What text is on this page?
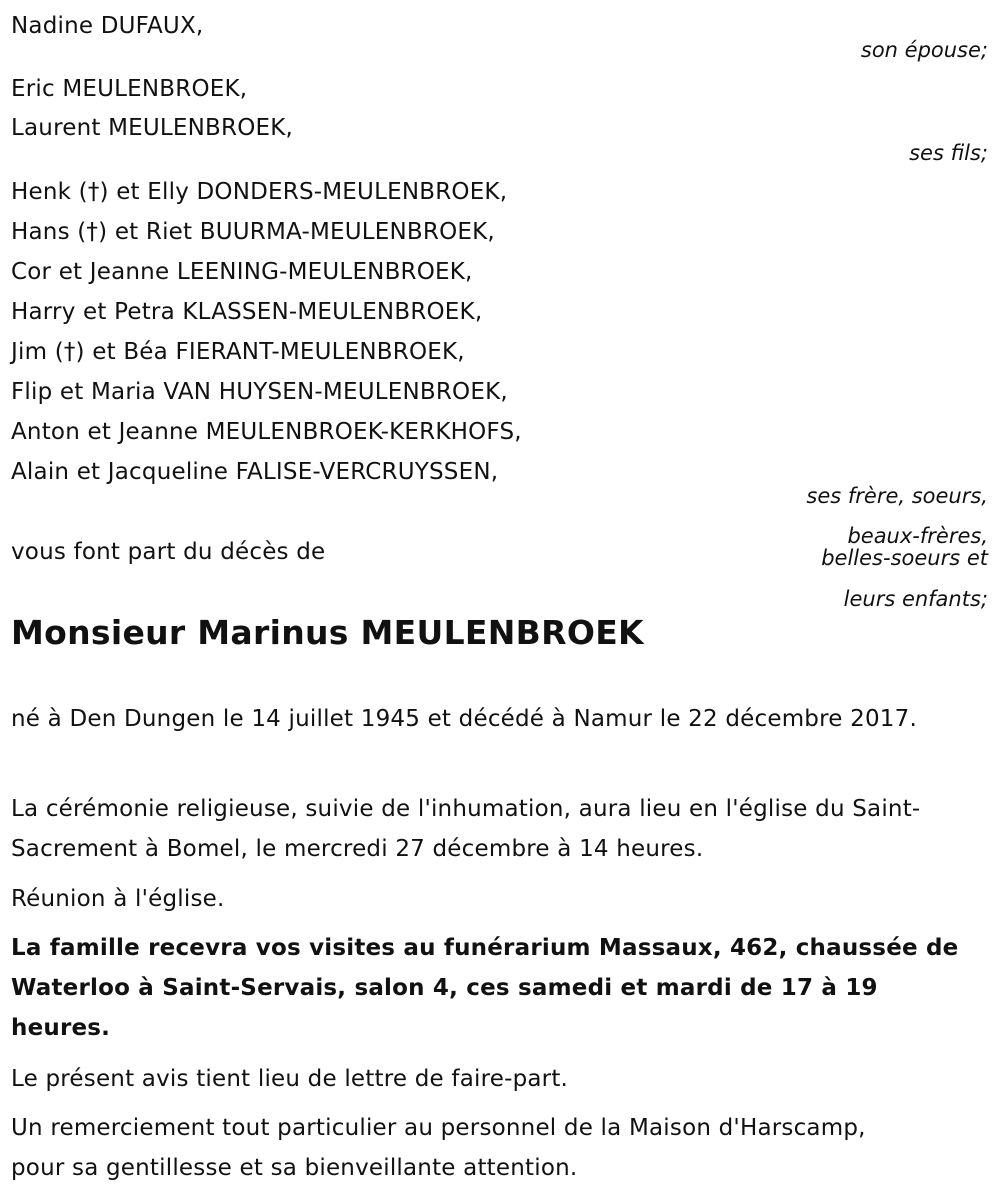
Nadine DUFAUX,
son épouse;
Eric MEULENBROEK,
Laurent MEULENBROEK,
ses fils;
Henk (†) et Elly DONDERS-MEULENBROEK,
Hans (†) et Riet BUURMA-MEULENBROEK,
Cor et Jeanne LEENING-MEULENBROEK,
Harry et Petra KLASSEN-MEULENBROEK,
Jim (†) et Béa FIERANT-MEULENBROEK,
Flip et Maria VAN HUYSEN-MEULENBROEK,
Anton et Jeanne MEULENBROEK-KERKHOFS,
Alain et Jacqueline FALISE-VERCRUYSSEN,
ses frère, soeurs,
beaux-frères,
belles-soeurs et
leurs enfants;
vous font part du décès de
Monsieur Marinus MEULENBROEK
né à Den Dungen le 14 juillet 1945 et décédé à Namur le 22 décembre 2017.
La cérémonie religieuse, suivie de l'inhumation, aura lieu en l'église du Saint-Sacrement à Bomel, le mercredi 27 décembre à 14 heures.
Réunion à l'église.
La famille recevra vos visites au funérarium Massaux, 462, chaussée de Waterloo à Saint-Servais, salon 4, ces samedi et mardi de 17 à 19 heures.
Le présent avis tient lieu de lettre de faire-part.
Un remerciement tout particulier au personnel de la Maison d'Harscamp, pour sa gentillesse et sa bienveillante attention.
